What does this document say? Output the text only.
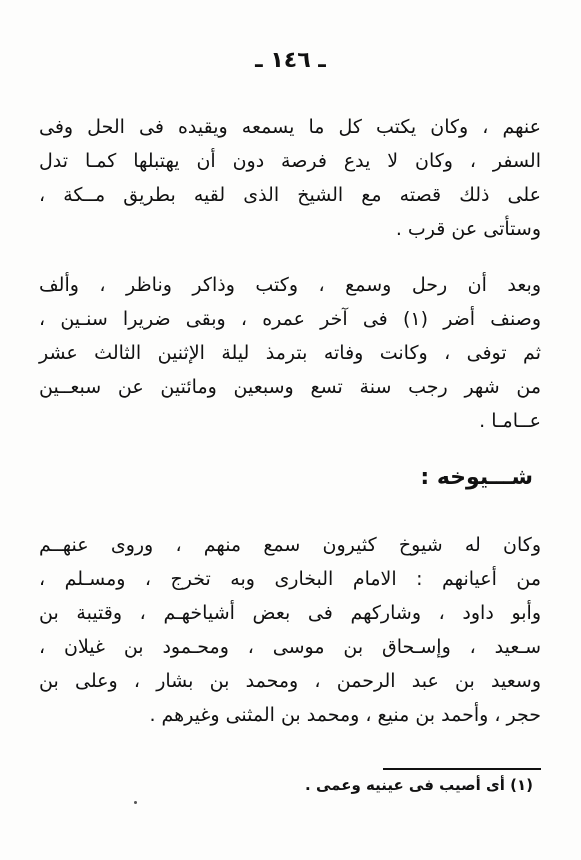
ـ ١٤٦ ـ
عنهم ، وكان يكتب كل ما يسمعه ويقيده فى الحل وفى
السفر ، وكان لا يدع فرصة دون أن يهتبلها كمـا تدل
على ذلك قصته مع الشيخ الذى لقيه بطريق مــكة ،
وستأتى عن قرب .
وبعد أن رحل وسمع ، وكتب وذاكر وناظر ، وألف
وصنف أضر (١) فى آخر عمره ، وبقى ضريرا سنـين ،
ثم توفى ، وكانت وفاته بترمذ ليلة الإثنين الثالث عشر
من شهر رجب سنة تسع وسبعين ومائتين عن سبعــين
عــامـا .
شـــيوخه :
وكان له شيوخ كثيرون سمع منهم ، وروى عنهــم
من أعيانهم : الامام البخارى وبه تخرج ، ومسـلم ،
وأبو داود ، وشاركهم فى بعض أشياخهـم ، وقتيبة بن
سـعيد ، وإسـحاق بن موسى ، ومحـمود بن غيلان ،
وسعيد بن عبد الرحمن ، ومحمد بن بشار ، وعلى بن
حجر ، وأحمد بن منيع ، ومحمد بن المثنى وغيرهم .
(١) أى أصيب فى عينيه وعمى .
